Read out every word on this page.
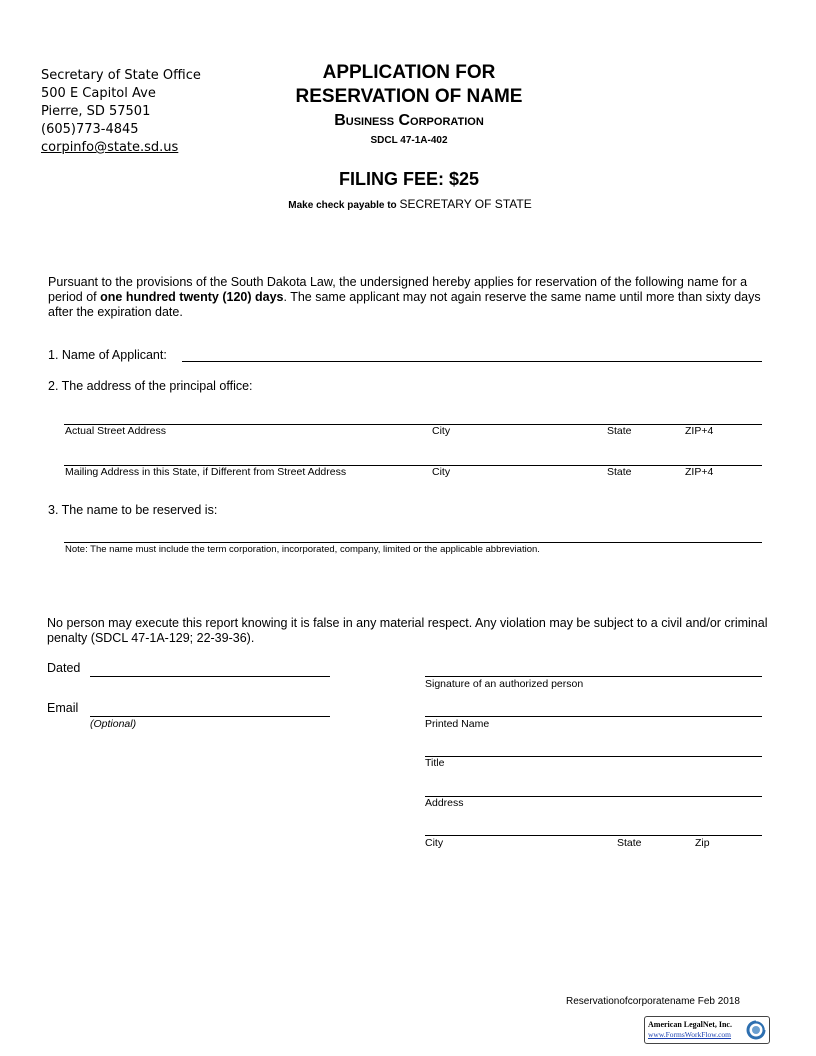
Secretary of State Office
500 E Capitol Ave
Pierre, SD 57501
(605)773-4845
corpinfo@state.sd.us
APPLICATION FOR
RESERVATION OF NAME
Business Corporation
SDCL 47-1A-402
FILING FEE: $25
Make check payable to SECRETARY OF STATE
Pursuant to the provisions of the South Dakota Law, the undersigned hereby applies for reservation of the following name for a period of one hundred twenty (120) days. The same applicant may not again reserve the same name until more than sixty days after the expiration date.
1. Name of Applicant:
2. The address of the principal office:
Actual Street Address	City	State	ZIP+4
Mailing Address in this State, if Different from Street Address	City	State	ZIP+4
3. The name to be reserved is:
Note: The name must include the term corporation, incorporated, company, limited or the applicable abbreviation.
No person may execute this report knowing it is false in any material respect. Any violation may be subject to a civil and/or criminal penalty (SDCL 47-1A-129; 22-39-36).
Dated
Email
(Optional)
Signature of an authorized person
Printed Name
Title
Address
City	State	Zip
Reservationofcorporatename Feb 2018
American LegalNet, Inc.
www.FormsWorkFlow.com
